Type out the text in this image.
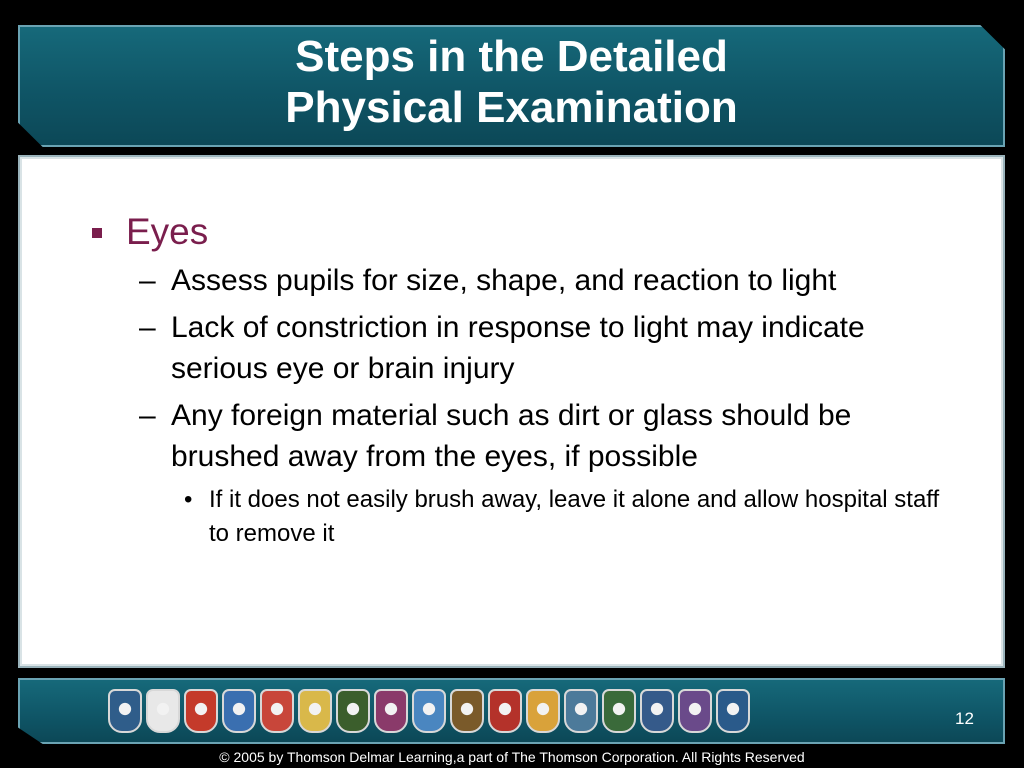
Steps in the Detailed
Physical Examination
Eyes
– Assess pupils for size, shape, and reaction to light
– Lack of constriction in response to light may indicate serious eye or brain injury
– Any foreign material such as dirt or glass should be brushed away from the eyes, if possible
• If it does not easily brush away, leave it alone and allow hospital staff to remove it
12
© 2005 by Thomson Delmar Learning,a part of The Thomson Corporation. All Rights Reserved
